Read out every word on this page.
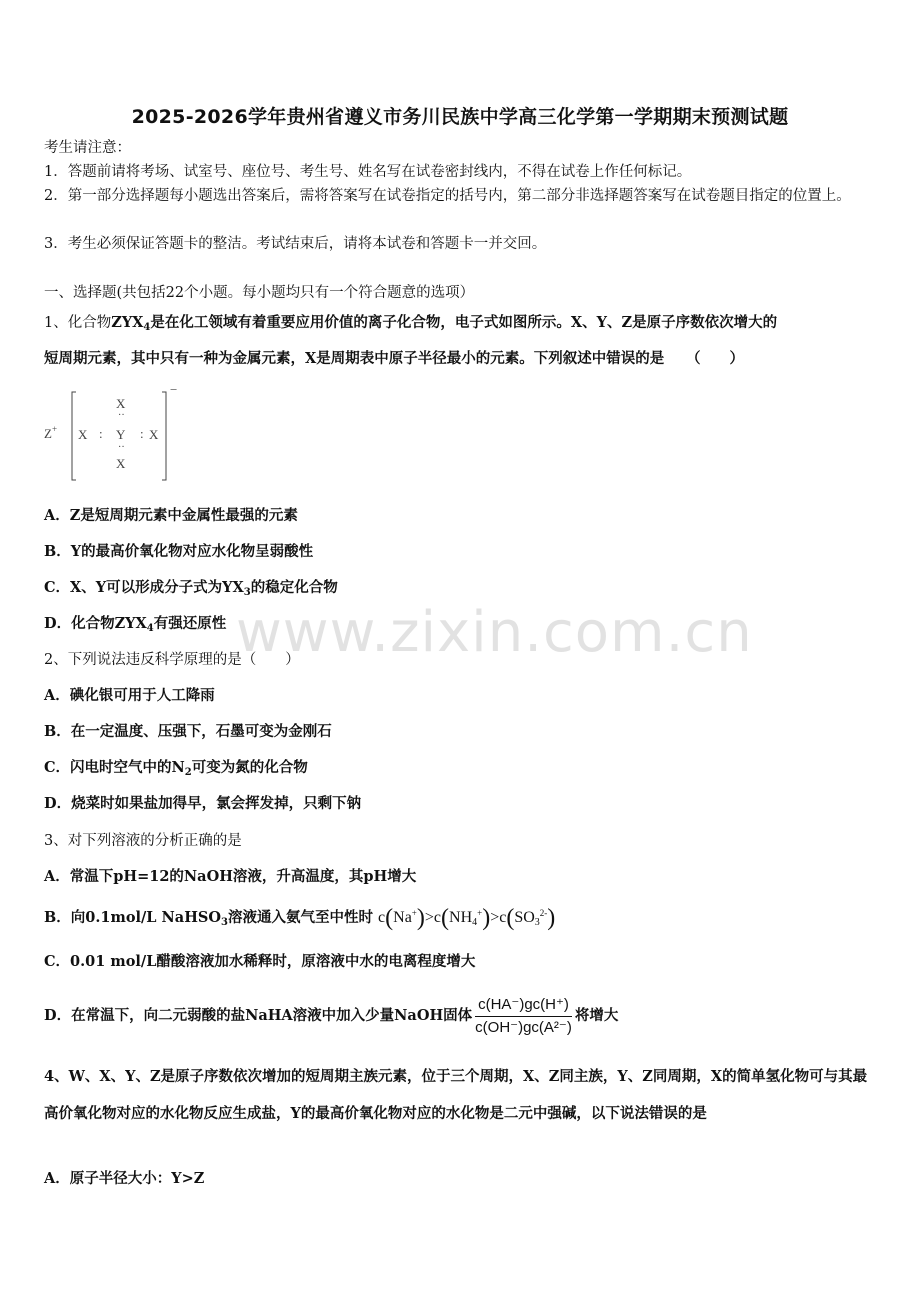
www.zixin.com.cn
2025-2026学年贵州省遵义市务川民族中学高三化学第一学期期末预测试题
考生请注意：
1．答题前请将考场、试室号、座位号、考生号、姓名写在试卷密封线内，不得在试卷上作任何标记。
2．第一部分选择题每小题选出答案后，需将答案写在试卷指定的括号内，第二部分非选择题答案写在试卷题目指定的位置上。
3．考生必须保证答题卡的整洁。考试结束后，请将本试卷和答题卡一并交回。
一、选择题(共包括22个小题。每小题均只有一个符合题意的选项）
1、化合物$ZYX_4$是在化工领域有着重要应用价值的离子化合物，电子式如图所示。X、Y、Z是原子序数依次增大的
短周期元素，其中只有一种为金属元素，X是周期表中原子半径最小的元素。下列叙述中错误的是　　（　　）
Z+
−
X
··
X : Y : X
··
X
A．Z是短周期元素中金属性最强的元素
B．Y的最高价氧化物对应水化物呈弱酸性
C．X、Y可以形成分子式为$YX_3$的稳定化合物
D．化合物$ZYX_4$有强还原性
2、下列说法违反科学原理的是（　　）
A．碘化银可用于人工降雨
B．在一定温度、压强下，石墨可变为金刚石
C．闪电时空气中的$N_2$可变为氮的化合物
D．烧菜时如果盐加得早，氯会挥发掉，只剩下钠
3、对下列溶液的分析正确的是
A．常温下pH=12的NaOH溶液，升高温度，其pH增大
B．向0.1mol/L NaHSO$_3$溶液通入氨气至中性时 $c(Na^+)>c(NH_4^+)>c(SO_3^{2-})$
C．0.01 mol/L醋酸溶液加水稀释时，原溶液中水的电离程度增大
D．在常温下，向二元弱酸的盐NaHA溶液中加入少量NaOH固体 $\frac{c(HA^-)gc(H^+)}{\text{c(OH⁻)gc(A²⁻)}}$ 将增大
4、W、X、Y、Z是原子序数依次增加的短周期主族元素，位于三个周期，X、Z同主族，Y、Z同周期，X的简单氢化物可与其最高价氧化物对应的水化物反应生成盐，Y的最高价氧化物对应的水化物是二元中强碱，以下说法错误的是
A．原子半径大小：Y>Z
